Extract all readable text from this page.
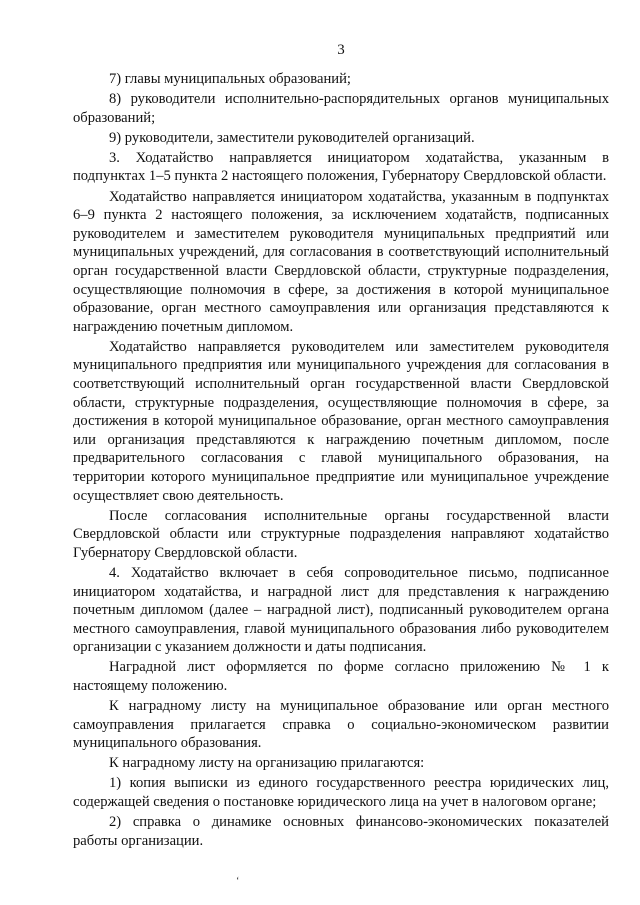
3

7) главы муниципальных образований;

8) руководители исполнительно-распорядительных органов муниципальных образований;

9) руководители, заместители руководителей организаций.

3. Ходатайство направляется инициатором ходатайства, указанным в подпунктах 1–5 пункта 2 настоящего положения, Губернатору Свердловской области.

Ходатайство направляется инициатором ходатайства, указанным в подпунктах 6–9 пункта 2 настоящего положения, за исключением ходатайств, подписанных руководителем и заместителем руководителя муниципальных предприятий или муниципальных учреждений, для согласования в соответствующий исполнительный орган государственной власти Свердловской области, структурные подразделения, осуществляющие полномочия в сфере, за достижения в которой муниципальное образование, орган местного самоуправления или организация представляются к награждению почетным дипломом.

Ходатайство направляется руководителем или заместителем руководителя муниципального предприятия или муниципального учреждения для согласования в соответствующий исполнительный орган государственной власти Свердловской области, структурные подразделения, осуществляющие полномочия в сфере, за достижения в которой муниципальное образование, орган местного самоуправления или организация представляются к награждению почетным дипломом, после предварительного согласования с главой муниципального образования, на территории которого муниципальное предприятие или муниципальное учреждение осуществляет свою деятельность.

После согласования исполнительные органы государственной власти Свердловской области или структурные подразделения направляют ходатайство Губернатору Свердловской области.

4. Ходатайство включает в себя сопроводительное письмо, подписанное инициатором ходатайства, и наградной лист для представления к награждению почетным дипломом (далее – наградной лист), подписанный руководителем органа местного самоуправления, главой муниципального образования либо руководителем организации с указанием должности и даты подписания.

Наградной лист оформляется по форме согласно приложению № 1 к настоящему положению.

К наградному листу на муниципальное образование или орган местного самоуправления прилагается справка о социально-экономическом развитии муниципального образования.

К наградному листу на организацию прилагаются:

1) копия выписки из единого государственного реестра юридических лиц, содержащей сведения о постановке юридического лица на учет в налоговом органе;

2) справка о динамике основных финансово-экономических показателей работы организации.

‘
